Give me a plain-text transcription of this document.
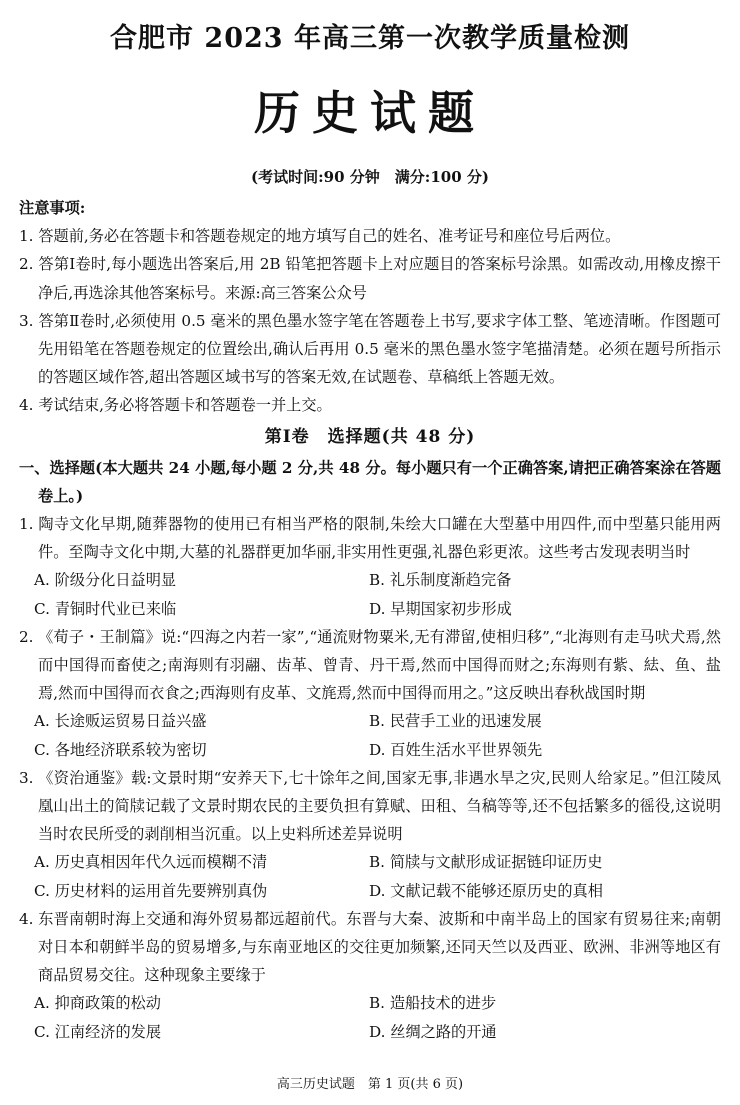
合肥市 2023 年高三第一次教学质量检测
历史试题
(考试时间:90 分钟　满分:100 分)

注意事项:

1. 答题前,务必在答题卡和答题卷规定的地方填写自己的姓名、准考证号和座位号后两位。

2. 答第Ⅰ卷时,每小题选出答案后,用 2B 铅笔把答题卡上对应题目的答案标号涂黑。如需改动,用橡皮擦干净后,再选涂其他答案标号。来源:高三答案公众号

3. 答第Ⅱ卷时,必须使用 0.5 毫米的黑色墨水签字笔在答题卷上书写,要求字体工整、笔迹清晰。作图题可先用铅笔在答题卷规定的位置绘出,确认后再用 0.5 毫米的黑色墨水签字笔描清楚。必须在题号所指示的答题区域作答,超出答题区域书写的答案无效,在试题卷、草稿纸上答题无效。

4. 考试结束,务必将答题卡和答题卷一并上交。

第Ⅰ卷　选择题(共 48 分)

一、选择题(本大题共 24 小题,每小题 2 分,共 48 分。每小题只有一个正确答案,请把正确答案涂在答题卷上。)

1. 陶寺文化早期,随葬器物的使用已有相当严格的限制,朱绘大口罐在大型墓中用四件,而中型墓只能用两件。至陶寺文化中期,大墓的礼器群更加华丽,非实用性更强,礼器色彩更浓。这些考古发现表明当时

A. 阶级分化日益明显	B. 礼乐制度渐趋完备
C. 青铜时代业已来临	D. 早期国家初步形成

2. 《荀子・王制篇》说:“四海之内若一家”,“通流财物粟米,无有滞留,使相归移”,“北海则有走马吠犬焉,然而中国得而畜使之;南海则有羽翮、齿革、曾青、丹干焉,然而中国得而财之;东海则有紫、紶、鱼、盐焉,然而中国得而衣食之;西海则有皮革、文旄焉,然而中国得而用之。”这反映出春秋战国时期

A. 长途贩运贸易日益兴盛	B. 民营手工业的迅速发展
C. 各地经济联系较为密切	D. 百姓生活水平世界领先

3. 《资治通鉴》载:文景时期“安养天下,七十馀年之间,国家无事,非遇水旱之灾,民则人给家足。”但江陵凤凰山出土的简牍记载了文景时期农民的主要负担有算赋、田租、刍稿等等,还不包括繁多的徭役,这说明当时农民所受的剥削相当沉重。以上史料所述差异说明

A. 历史真相因年代久远而模糊不清	B. 简牍与文献形成证据链印证历史
C. 历史材料的运用首先要辨别真伪	D. 文献记载不能够还原历史的真相

4. 东晋南朝时海上交通和海外贸易都远超前代。东晋与大秦、波斯和中南半岛上的国家有贸易往来;南朝对日本和朝鲜半岛的贸易增多,与东南亚地区的交往更加频繁,还同天竺以及西亚、欧洲、非洲等地区有商品贸易交往。这种现象主要缘于

A. 抑商政策的松动	B. 造船技术的进步
C. 江南经济的发展	D. 丝绸之路的开通
高三历史试题　第 1 页(共 6 页)
